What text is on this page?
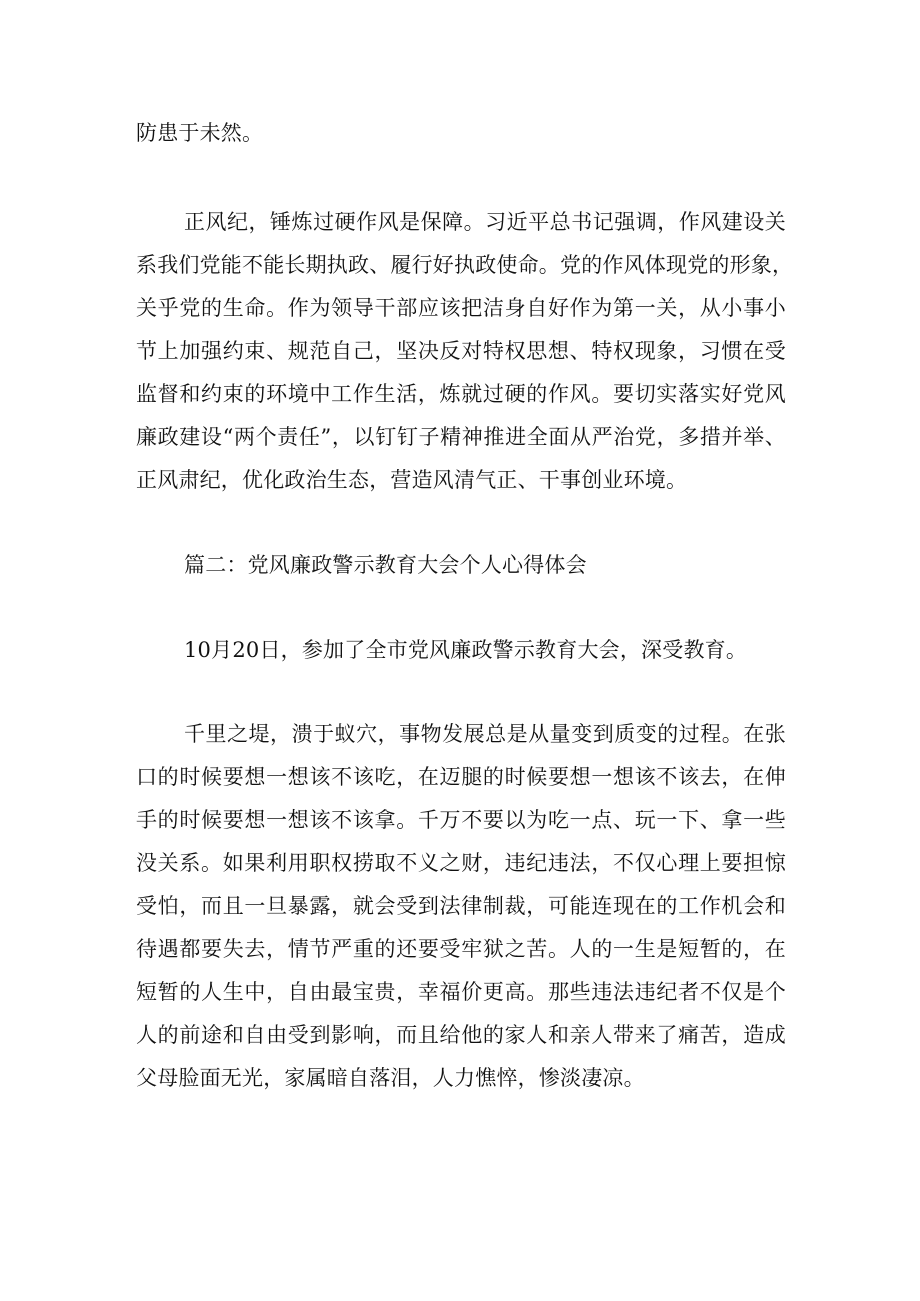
防患于未然。
正风纪，锤炼过硬作风是保障。习近平总书记强调，作风建设关
系我们党能不能长期执政、履行好执政使命。党的作风体现党的形象，
关乎党的生命。作为领导干部应该把洁身自好作为第一关，从小事小
节上加强约束、规范自己，坚决反对特权思想、特权现象，习惯在受
监督和约束的环境中工作生活，炼就过硬的作风。要切实落实好党风
廉政建设“两个责任”，以钉钉子精神推进全面从严治党，多措并举、
正风肃纪，优化政治生态，营造风清气正、干事创业环境。
篇二：党风廉政警示教育大会个人心得体会
10月20日，参加了全市党风廉政警示教育大会，深受教育。
千里之堤，溃于蚁穴，事物发展总是从量变到质变的过程。在张
口的时候要想一想该不该吃，在迈腿的时候要想一想该不该去，在伸
手的时候要想一想该不该拿。千万不要以为吃一点、玩一下、拿一些
没关系。如果利用职权捞取不义之财，违纪违法，不仅心理上要担惊
受怕，而且一旦暴露，就会受到法律制裁，可能连现在的工作机会和
待遇都要失去，情节严重的还要受牢狱之苦。人的一生是短暂的，在
短暂的人生中，自由最宝贵，幸福价更高。那些违法违纪者不仅是个
人的前途和自由受到影响，而且给他的家人和亲人带来了痛苦，造成
父母脸面无光，家属暗自落泪，人力憔悴，惨淡凄凉。
